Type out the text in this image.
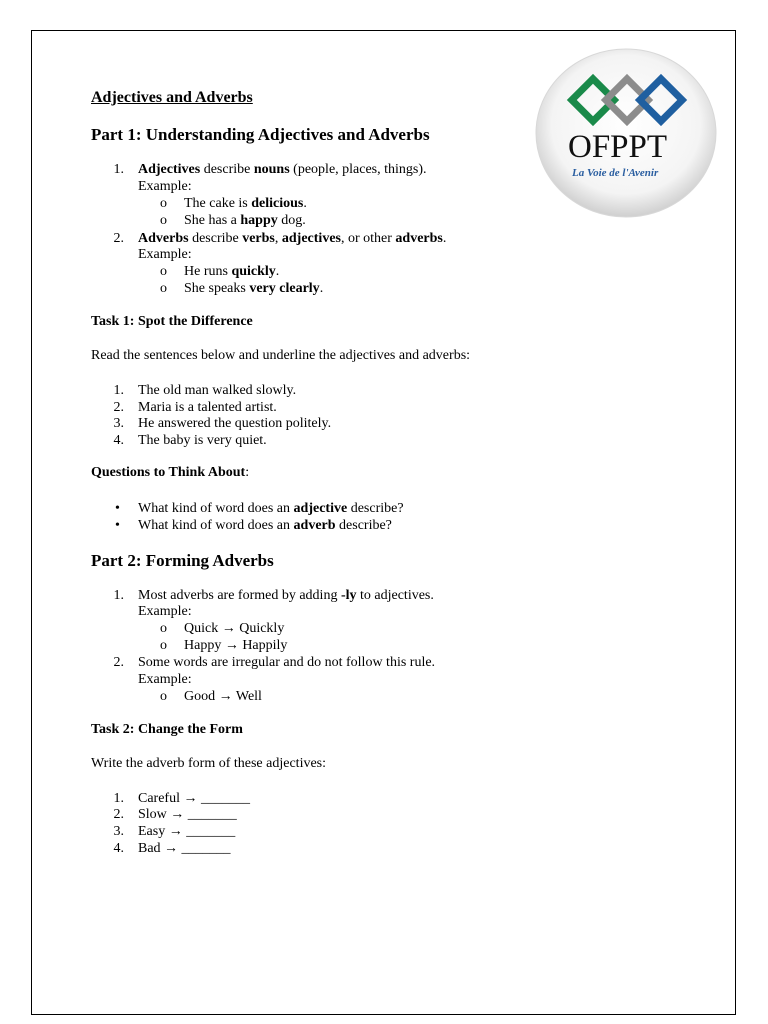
OFPPT
La Voie de l'Avenir
Adjectives and Adverbs
Part 1: Understanding Adjectives and Adverbs
1. Adjectives describe nouns (people, places, things).
Example:
o The cake is delicious.
o She has a happy dog.
2. Adverbs describe verbs, adjectives, or other adverbs.
Example:
o He runs quickly.
o She speaks very clearly.
Task 1: Spot the Difference
Read the sentences below and underline the adjectives and adverbs:
1. The old man walked slowly.
2. Maria is a talented artist.
3. He answered the question politely.
4. The baby is very quiet.
Questions to Think About:
• What kind of word does an adjective describe?
• What kind of word does an adverb describe?
Part 2: Forming Adverbs
1. Most adverbs are formed by adding -ly to adjectives.
Example:
o Quick → Quickly
o Happy → Happily
2. Some words are irregular and do not follow this rule.
Example:
o Good → Well
Task 2: Change the Form
Write the adverb form of these adjectives:
1. Careful → _______
2. Slow → _______
3. Easy → _______
4. Bad → _______
